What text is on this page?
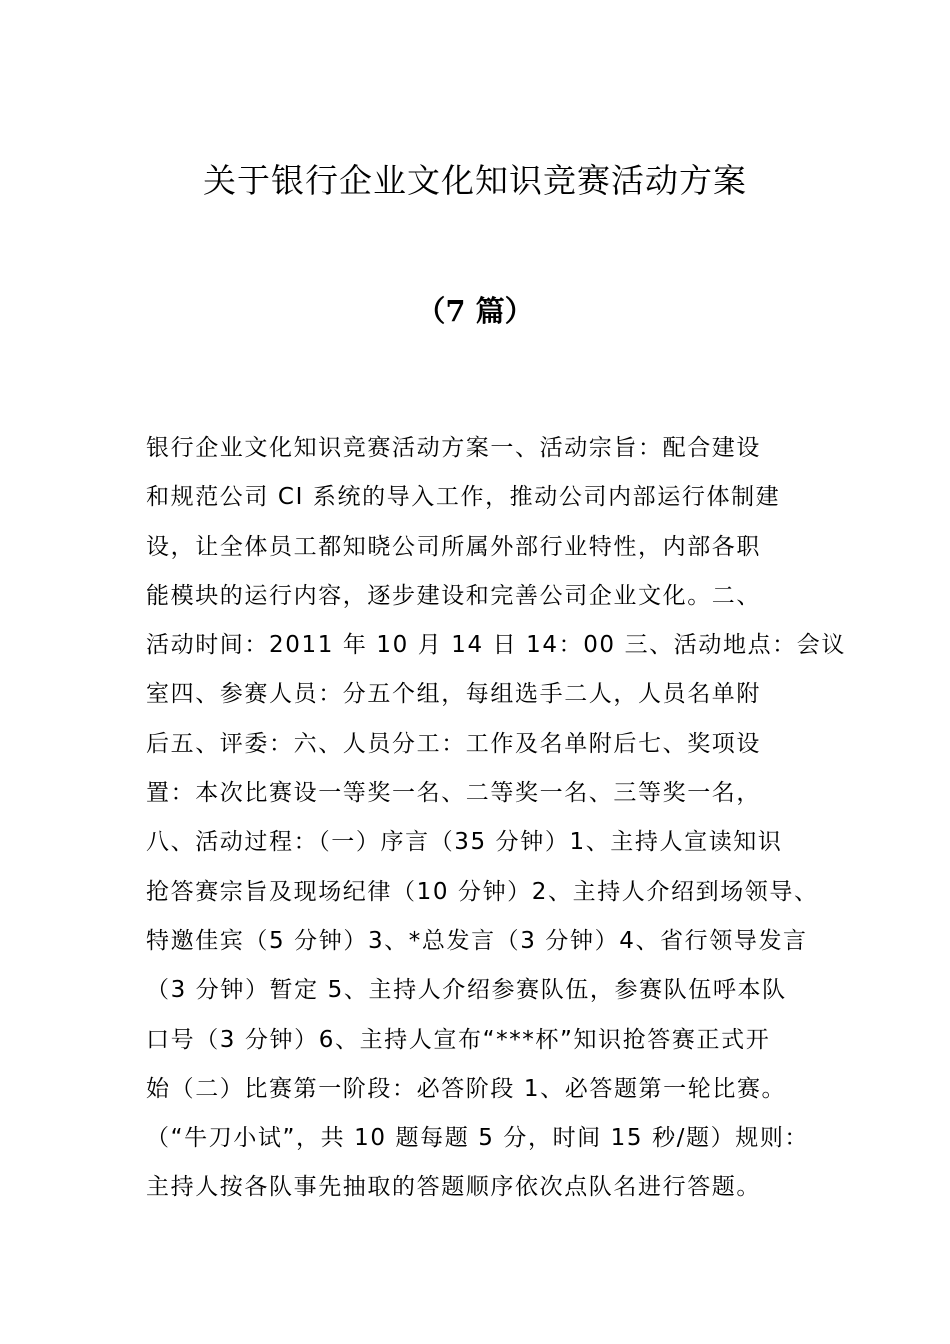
关于银行企业文化知识竞赛活动方案
（7 篇）
银行企业文化知识竞赛活动方案一、活动宗旨：配合建设
和规范公司 CI 系统的导入工作，推动公司内部运行体制建
设，让全体员工都知晓公司所属外部行业特性，内部各职
能模块的运行内容，逐步建设和完善公司企业文化。二、
活动时间：2011 年 10 月 14 日 14：00 三、活动地点：会议
室四、参赛人员：分五个组，每组选手二人，人员名单附
后五、评委：六、人员分工：工作及名单附后七、奖项设
置：本次比赛设一等奖一名、二等奖一名、三等奖一名，
八、活动过程：（一）序言（35 分钟）1、主持人宣读知识
抢答赛宗旨及现场纪律（10 分钟）2、主持人介绍到场领导、
特邀佳宾（5 分钟）3、*总发言（3 分钟）4、省行领导发言
（3 分钟）暂定 5、主持人介绍参赛队伍，参赛队伍呼本队
口号（3 分钟）6、主持人宣布“***杯”知识抢答赛正式开
始（二）比赛第一阶段：必答阶段 1、必答题第一轮比赛。
（“牛刀小试”，共 10 题每题 5 分，时间 15 秒/题）规则：
主持人按各队事先抽取的答题顺序依次点队名进行答题。
